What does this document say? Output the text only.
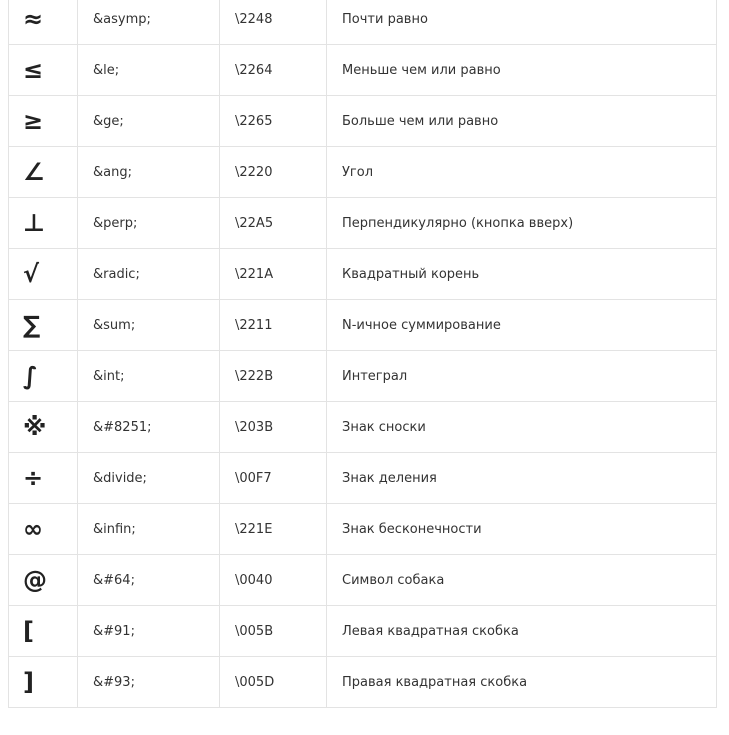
≈	&asymp;	\2248	Почти равно
≤	&le;	\2264	Меньше чем или равно
≥	&ge;	\2265	Больше чем или равно
∠	&ang;	\2220	Угол
⊥	&perp;	\22A5	Перпендикулярно (кнопка вверх)
√	&radic;	\221A	Квадратный корень
∑	&sum;	\2211	N-ичное суммирование
∫	&int;	\222B	Интеграл
※	&#8251;	\203B	Знак сноски
÷	&divide;	\00F7	Знак деления
∞	&infin;	\221E	Знак бесконечности
@	&#64;	\0040	Символ собака
[	&#91;	\005B	Левая квадратная скобка
]	&#93;	\005D	Правая квадратная скобка
